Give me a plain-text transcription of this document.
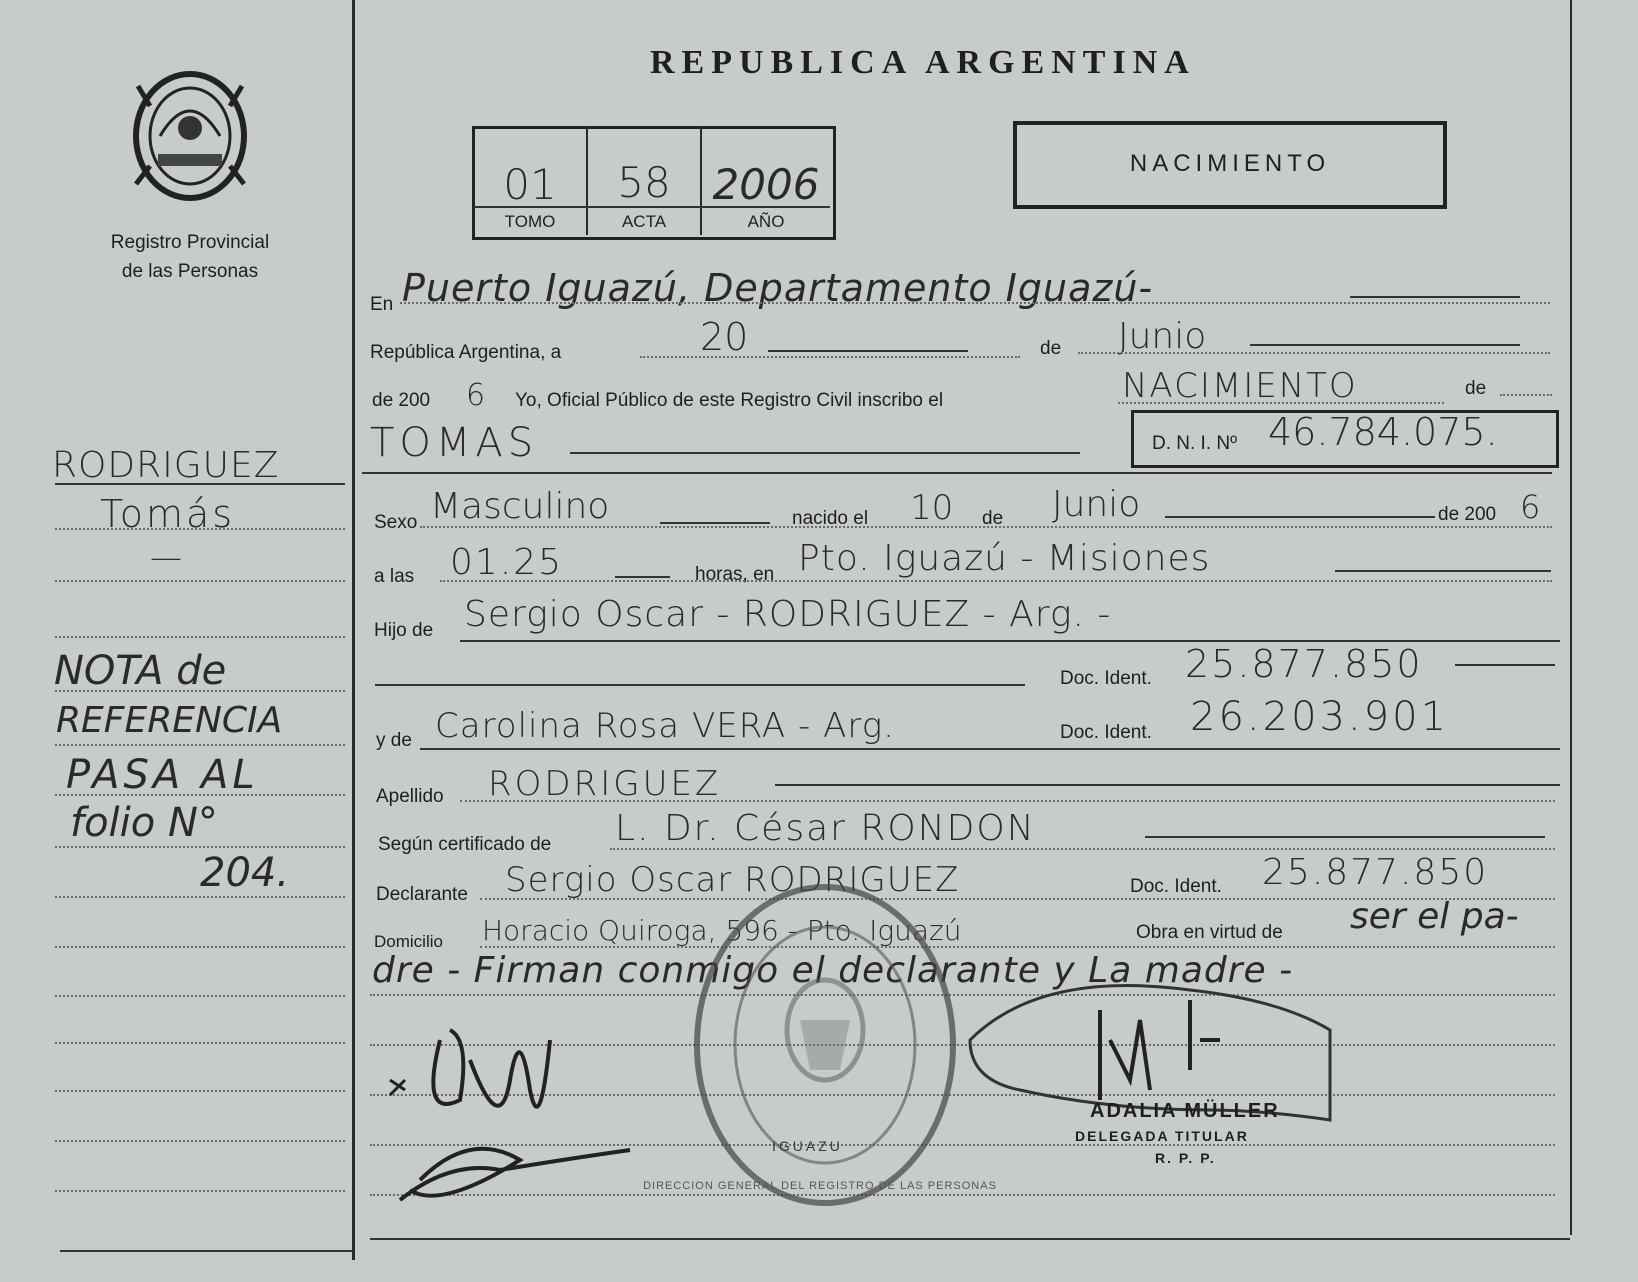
Registro Provincial
de las Personas
RODRIGUEZ
Tomás
—
NOTA de
REFERENCIA
PASA AL
folio N°
204.
REPUBLICA ARGENTINA
01	58 2006
TOMO	ACTA	AÑO
NACIMIENTO
En Puerto Iguazú, Departamento Iguazú-
República Argentina, a	20	de Junio
de 200 6 Yo, Oficial Público de este Registro Civil inscribo el	NACIMIENTO	de
TOMAS	D. N. I. Nº 46.784.075.
Sexo Masculino	nacido el 10 de Junio	de 200 6
a las 01.25	horas, en Pto. Iguazú - Misiones
Hijo de Sergio Oscar - RODRIGUEZ - Arg. -
Doc. Ident. 25.877.850
y de Carolina Rosa VERA - Arg.	Doc. Ident. 26.203.901
Apellido RODRIGUEZ
Según certificado de L. Dr. César RONDON
Declarante Sergio Oscar RODRIGUEZ	Doc. Ident. 25.877.850
Domicilio Horacio Quiroga, 596 - Pto. Iguazú	Obra en virtud de ser el pa-
dre - Firman conmigo el declarante y La madre -
IGUAZU
DIRECCION GENERAL DEL REGISTRO DE LAS PERSONAS
ADALIA MÜLLER
DELEGADA TITULAR
R. P. P.
